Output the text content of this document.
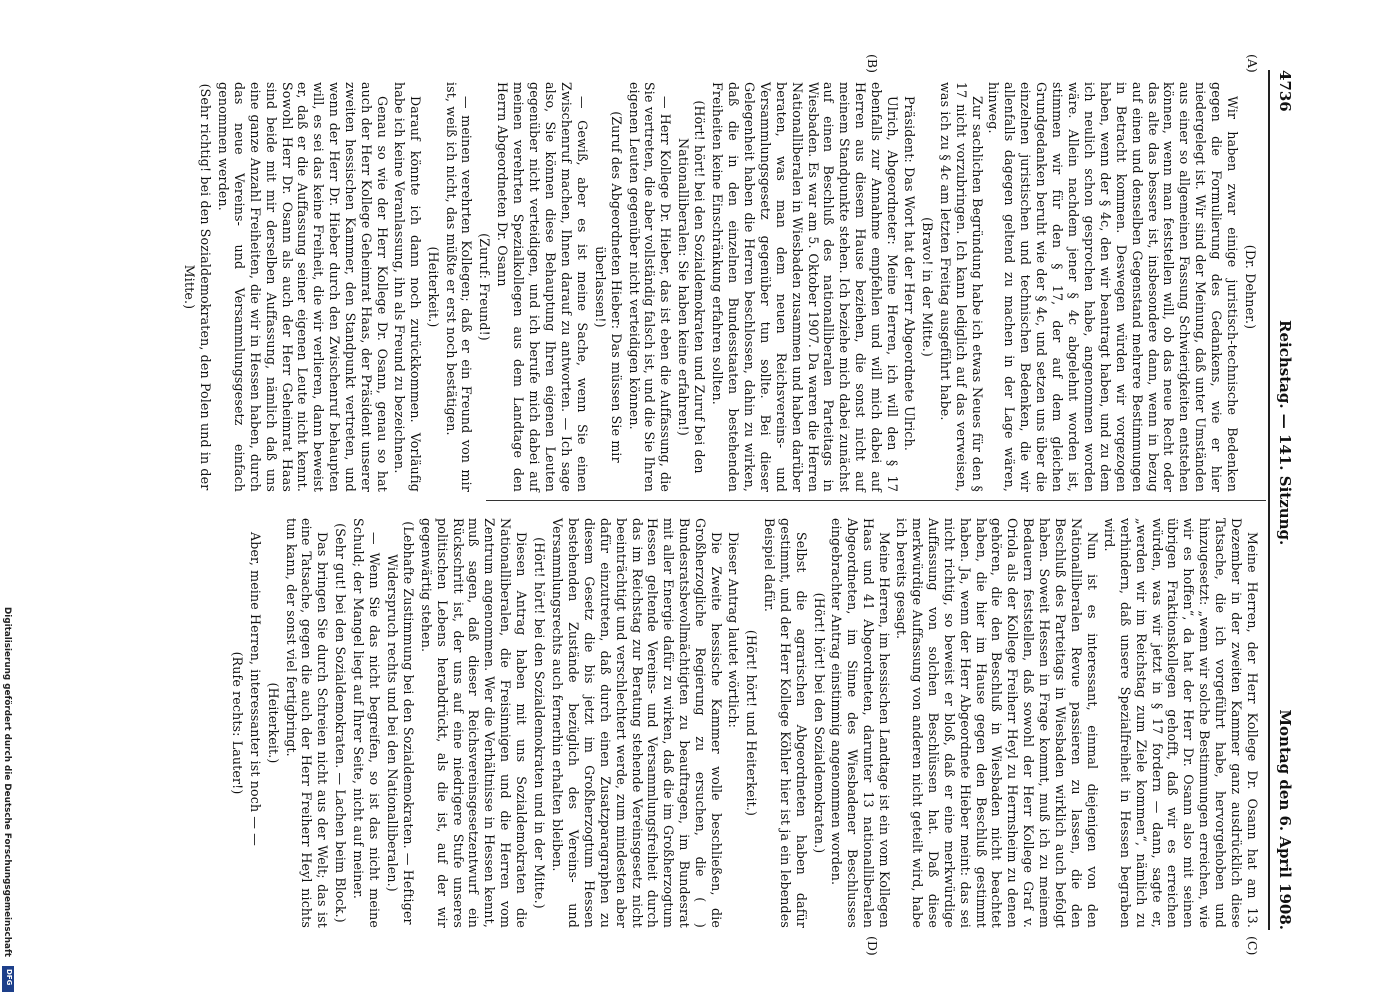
4736
Reichstag. — 141. Sitzung.
Montag den 6. April 1908.
(A)
(B)
(C)
(D)

(Dr. Dehner.)

Wir haben zwar einige juristisch-technische Bedenken gegen die Formulierung des Gedankens, wie er hier niedergelegt ist. Wir sind der Meinung, daß unter Umständen aus einer so allgemeinen Fassung Schwierigkeiten entstehen können, wenn man feststellen will, ob das neue Recht oder das alte das bessere ist, insbesondere dann, wenn in bezug auf einen und denselben Gegenstand mehrere Bestimmungen in Betracht kommen. Deswegen würden wir vorgezogen haben, wenn der § 4c, den wir beantragt haben, und zu dem ich neulich schon gesprochen habe, angenommen worden wäre. Allein nachdem jener § 4c abgelehnt worden ist, stimmen wir für den § 17, der auf dem gleichen Grundgedanken beruht wie der § 4c, und setzen uns über die einzelnen juristischen und technischen Bedenken, die wir allenfalls dagegen geltend zu machen in der Lage wären, hinweg.

Zur sachlichen Begründung habe ich etwas Neues für den § 17 nicht vorzubringen. Ich kann lediglich auf das verweisen, was ich zu § 4c am letzten Freitag ausgeführt habe.

(Bravo! in der Mitte.)

Präsident: Das Wort hat der Herr Abgeordnete Ulrich.

Ulrich, Abgeordneter: Meine Herren, ich will den § 17 ebenfalls zur Annahme empfehlen und will mich dabei auf Herren aus diesem Hause beziehen, die sonst nicht auf meinem Standpunkte stehen. Ich beziehe mich dabei zunächst auf einen Beschluß des nationalliberalen Parteitags in Wiesbaden. Es war am 5. Oktober 1907. Da waren die Herren Nationalliberalen in Wiesbaden zusammen und haben darüber beraten, was man dem neuen Reichsvereins- und Versammlungsgesetz gegenüber tun sollte. Bei dieser Gelegenheit haben die Herren beschlossen, dahin zu wirken, daß die in den einzelnen Bundesstaaten bestehenden Freiheiten keine Einschränkung erfahren sollten.

(Hört! hört! bei den Sozialdemokraten und Zuruf bei den Nationalliberalen: Sie haben keine erfahren!)

— Herr Kollege Dr. Hieber, das ist eben die Auffassung, die Sie vertreten, die aber vollständig falsch ist, und die Sie Ihren eigenen Leuten gegenüber nicht verteidigen können.

(Zuruf des Abgeordneten Hieber: Das müssen Sie mir überlassen!)

— Gewiß, aber es ist meine Sache, wenn Sie einen Zwischenruf machen, Ihnen darauf zu antworten. — Ich sage also, Sie können diese Behauptung Ihren eigenen Leuten gegenüber nicht verteidigen, und ich berufe mich dabei auf meinen verehrten Spezialkollegen aus dem Landtage den Herrn Abgeordneten Dr. Osann

(Zuruf: Freund!)

— meinen verehrten Kollegen; daß er ein Freund von mir ist, weiß ich nicht, das müßte er erst noch bestätigen.

(Heiterkeit.)

Darauf könnte ich dann noch zurückkommen. Vorläufig habe ich keine Veranlassung, ihn als Freund zu bezeichnen.

Genau so wie der Herr Kollege Dr. Osann, genau so hat auch der Herr Kollege Geheimrat Haas, der Präsident unserer zweiten hessischen Kammer, den Standpunkt vertreten, und wenn der Herr Dr. Hieber durch den Zwischenruf behaupten will, es sei das keine Freiheit, die wir verlieren, dann beweist er, daß er die Auffassung seiner eigenen Leute nicht kennt. Sowohl Herr Dr. Osann als auch der Herr Geheimrat Haas sind beide mit mir derselben Auffassung, nämlich daß uns eine ganze Anzahl Freiheiten, die wir in Hessen haben, durch das neue Vereins- und Versammlungsgesetz einfach genommen werden.

(Sehr richtig! bei den Sozialdemokraten, den Polen und in der Mitte.)

Meine Herren, der Herr Kollege Dr. Osann hat am 13. Dezember in der zweiten Kammer ganz ausdrücklich diese Tatsache, die ich vorgeführt habe, hervorgehoben und hinzugesetzt: „wenn wir solche Bestimmungen erreichen, wie wir es hoffen“, da hat der Herr Dr. Osann also mit seinen übrigen Fraktionskollegen gehofft, daß wir es erreichen würden, was wir jetzt in § 17 fordern — dann, sagte er, „werden wir im Reichstag zum Ziele kommen“, nämlich zu verhindern, daß unsere Spezialfreiheit in Hessen begraben wird.

Nun ist es interessant, einmal diejenigen von den Nationalliberalen Revue passieren zu lassen, die den Beschluß des Parteitags in Wiesbaden wirklich auch befolgt haben. Soweit Hessen in Frage kommt, muß ich zu meinem Bedauern feststellen, daß sowohl der Herr Kollege Graf v. Oriola als der Kollege Freiherr Heyl zu Herrnsheim zu denen gehören, die den Beschluß in Wiesbaden nicht beachtet haben, die hier im Hause gegen den Beschluß gestimmt haben. Ja, wenn der Herr Abgeordnete Hieber meint: das sei nicht richtig, so beweist er bloß, daß er eine merkwürdige Auffassung von solchen Beschlüssen hat. Daß diese merkwürdige Auffassung von anderen nicht geteilt wird, habe ich bereits gesagt.

Meine Herren, im hessischen Landtage ist ein vom Kollegen Haas und 41 Abgeordneten, darunter 13 nationalliberalen Abgeordneten, im Sinne des Wiesbadener Beschlusses eingebrachter Antrag einstimmig angenommen worden.

(Hört! hört! bei den Sozialdemokraten.)

Selbst die agrarischen Abgeordneten haben dafür gestimmt, und der Herr Kollege Köhler hier ist ja ein lebendes Beispiel dafür.

(Hört! hört! und Heiterkeit.)

Dieser Antrag lautet wörtlich:

Die Zweite hessische Kammer wolle beschließen, die Großherzogliche Regierung zu ersuchen, die ( ) Bundesratsbevollmächtigten zu beauftragen, im Bundesrat mit aller Energie dafür zu wirken, daß die im Großherzogtum Hessen geltende Vereins- und Versammlungsfreiheit durch das im Reichstag zur Beratung stehende Vereinsgesetz nicht beeinträchtigt und verschlechtert werde, zum mindesten aber dafür einzutreten, daß durch einen Zusatzparagraphen zu diesem Gesetz die bis jetzt im Großherzogtum Hessen bestehenden Zustände bezüglich des Vereins- und Versammlungsrechts auch fernerhin erhalten bleiben.

(Hört! hört! bei den Sozialdemokraten und in der Mitte.)

Diesen Antrag haben mit uns Sozialdemokraten die Nationalliberalen, die Freisinnigen und die Herren vom Zentrum angenommen. Wer die Verhältnisse in Hessen kennt, muß sagen, daß dieser Reichsvereinsgesetzentwurf ein Rückschritt ist, der uns auf eine niedrigere Stufe unseres politischen Lebens herabdrückt, als die ist, auf der wir gegenwärtig stehen.

(Lebhafte Zustimmung bei den Sozialdemokraten. — Heftiger Widerspruch rechts und bei den Nationalliberalen.)

— Wenn Sie das nicht begreifen, so ist das nicht meine Schuld; der Mangel liegt auf Ihrer Seite, nicht auf meiner.

(Sehr gut! bei den Sozialdemokraten. — Lachen beim Block.)

Das bringen Sie durch Schreien nicht aus der Welt; das ist eine Tatsache, gegen die auch der Herr Freiherr Heyl nichts tun kann, der sonst viel fertigbringt.

(Heiterkeit.)

Aber, meine Herren, interessanter ist noch — —

(Rufe rechts: Lauter!)

Digitalisierung gefördert durch die Deutsche Forschungsgemeinschaft
DFG
